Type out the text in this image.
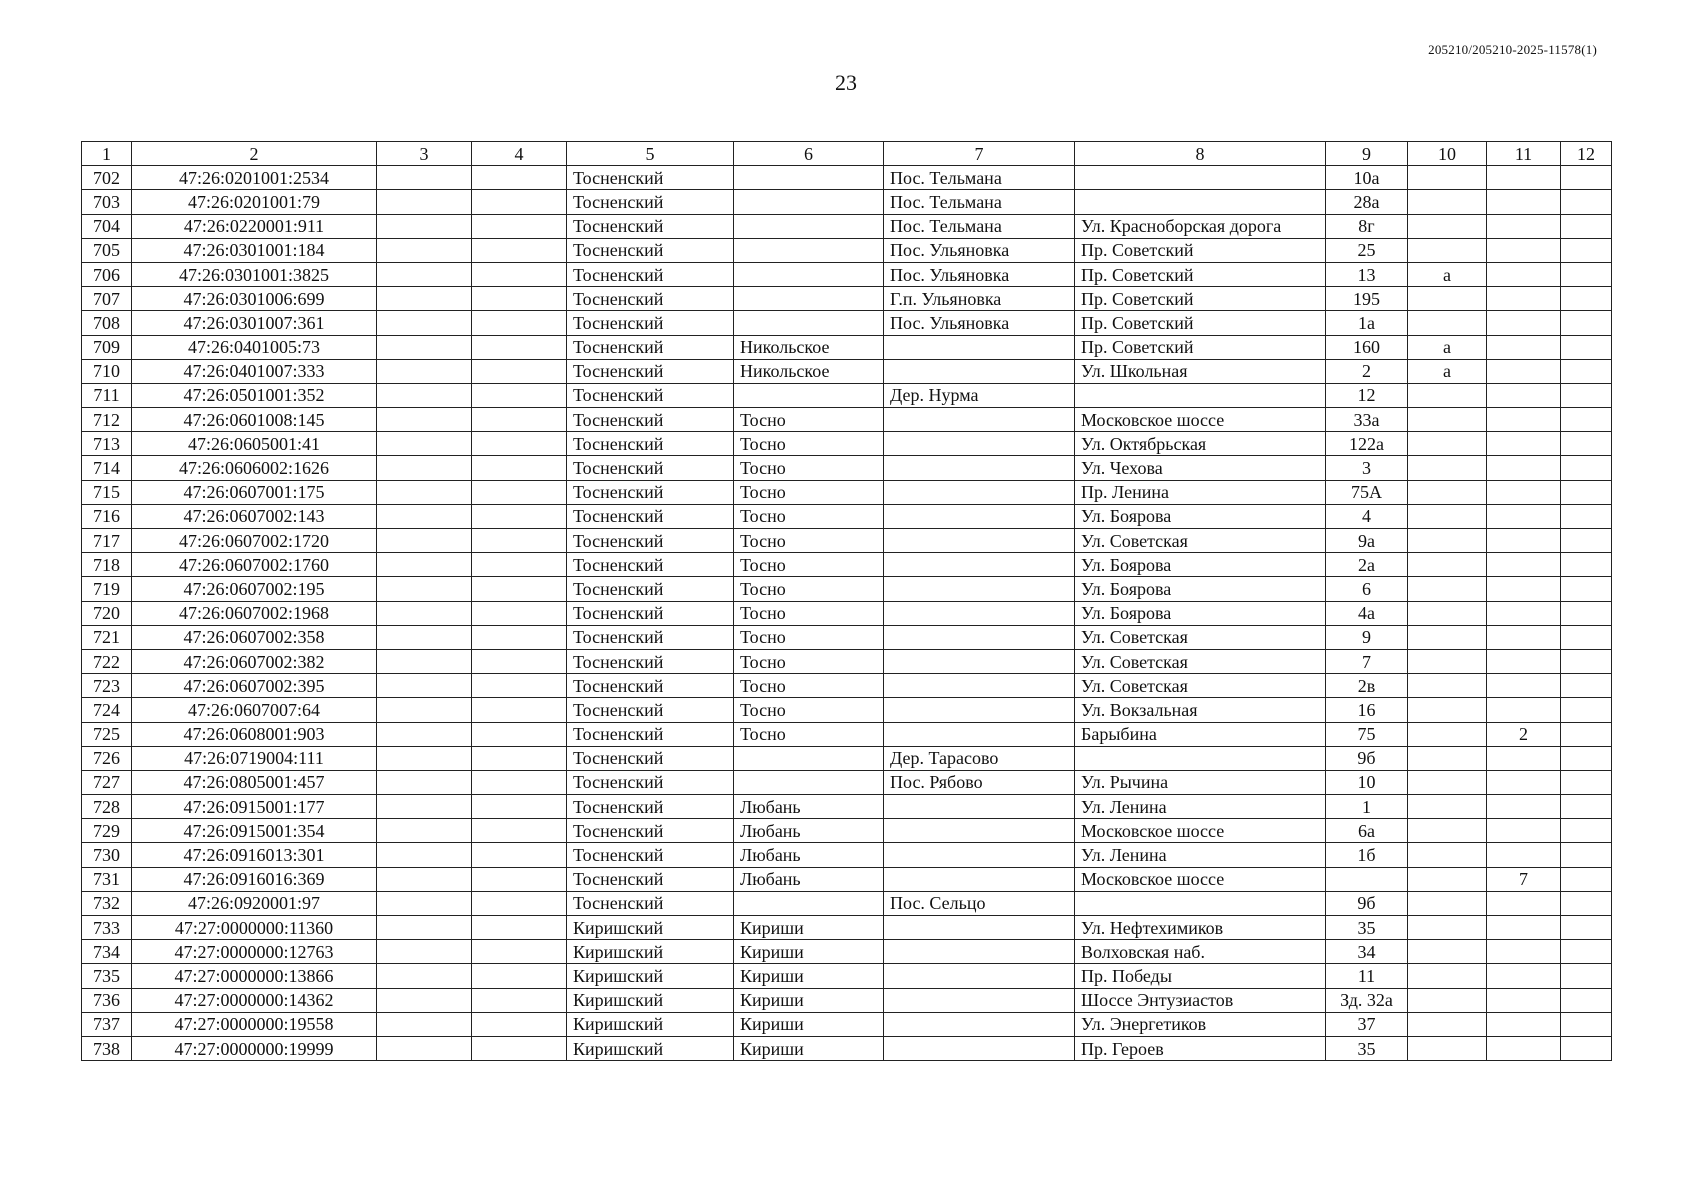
205210/205210-2025-11578(1)
23
1	2	3	4	5	6	7	8	9	10	11	12
702	47:26:0201001:2534			Тосненский		Пос. Тельмана		10а			
703	47:26:0201001:79			Тосненский		Пос. Тельмана		28а			
704	47:26:0220001:911			Тосненский		Пос. Тельмана	Ул. Красноборская дорога	8г			
705	47:26:0301001:184			Тосненский		Пос. Ульяновка	Пр. Советский	25			
706	47:26:0301001:3825			Тосненский		Пос. Ульяновка	Пр. Советский	13	а		
707	47:26:0301006:699			Тосненский		Г.п. Ульяновка	Пр. Советский	195			
708	47:26:0301007:361			Тосненский		Пос. Ульяновка	Пр. Советский	1а			
709	47:26:0401005:73			Тосненский	Никольское		Пр. Советский	160	а		
710	47:26:0401007:333			Тосненский	Никольское		Ул. Школьная	2	а		
711	47:26:0501001:352			Тосненский		Дер. Нурма		12			
712	47:26:0601008:145			Тосненский	Тосно		Московское шоссе	33а			
713	47:26:0605001:41			Тосненский	Тосно		Ул. Октябрьская	122а			
714	47:26:0606002:1626			Тосненский	Тосно		Ул. Чехова	3			
715	47:26:0607001:175			Тосненский	Тосно		Пр. Ленина	75А			
716	47:26:0607002:143			Тосненский	Тосно		Ул. Боярова	4			
717	47:26:0607002:1720			Тосненский	Тосно		Ул. Советская	9а			
718	47:26:0607002:1760			Тосненский	Тосно		Ул. Боярова	2а			
719	47:26:0607002:195			Тосненский	Тосно		Ул. Боярова	6			
720	47:26:0607002:1968			Тосненский	Тосно		Ул. Боярова	4а			
721	47:26:0607002:358			Тосненский	Тосно		Ул. Советская	9			
722	47:26:0607002:382			Тосненский	Тосно		Ул. Советская	7			
723	47:26:0607002:395			Тосненский	Тосно		Ул. Советская	2в			
724	47:26:0607007:64			Тосненский	Тосно		Ул. Вокзальная	16			
725	47:26:0608001:903			Тосненский	Тосно		Барыбина	75		2	
726	47:26:0719004:111			Тосненский		Дер. Тарасово		9б			
727	47:26:0805001:457			Тосненский		Пос. Рябово	Ул. Рычина	10			
728	47:26:0915001:177			Тосненский	Любань		Ул. Ленина	1			
729	47:26:0915001:354			Тосненский	Любань		Московское шоссе	6а			
730	47:26:0916013:301			Тосненский	Любань		Ул. Ленина	1б			
731	47:26:0916016:369			Тосненский	Любань		Московское шоссе			7	
732	47:26:0920001:97			Тосненский		Пос. Сельцо		9б			
733	47:27:0000000:11360			Киришский	Кириши		Ул. Нефтехимиков	35			
734	47:27:0000000:12763			Киришский	Кириши		Волховская наб.	34			
735	47:27:0000000:13866			Киришский	Кириши		Пр. Победы	11			
736	47:27:0000000:14362			Киришский	Кириши		Шоссе Энтузиастов	Зд. 32а			
737	47:27:0000000:19558			Киришский	Кириши		Ул. Энергетиков	37			
738	47:27:0000000:19999			Киришский	Кириши		Пр. Героев	35			
